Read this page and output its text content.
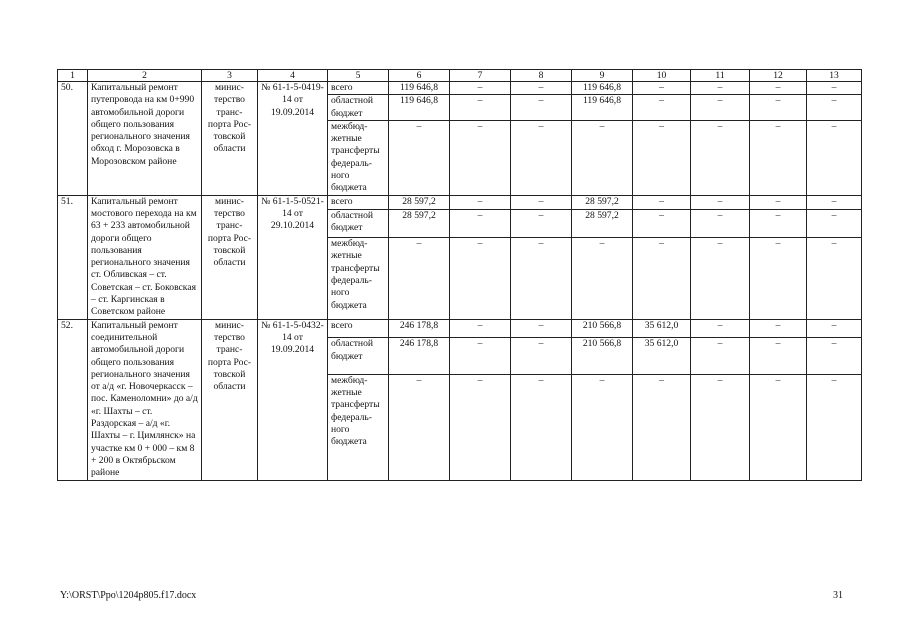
1	2	3	4	5	6	7	8	9	10	11	12	13
50.	Капитальный ремонт путепровода на км 0+990 автомобильной дороги общего пользования регионального значения обход г. Морозовска в Морозовском районе	минис-терство транс-порта Рос-товской области	№ 61-1-5-0419-14 от 19.09.2014	всего	119 646,8	–	–	119 646,8	–	–	–	–
				областной бюджет	119 646,8	–	–	119 646,8	–	–	–	–
				межбюд-жетные трансферты федераль-ного бюджета	–	–	–	–	–	–	–	–
51.	Капитальный ремонт мостового перехода на км 63 + 233 автомобильной дороги общего пользования регионального значения ст. Обливская – ст. Советская – ст. Боковская – ст. Каргинская в Советском районе	минис-терство транс-порта Рос-товской области	№ 61-1-5-0521-14 от 29.10.2014	всего	28 597,2	–	–	28 597,2	–	–	–	–
				областной бюджет	28 597,2	–	–	28 597,2	–	–	–	–
				межбюд-жетные трансферты федераль-ного бюджета	–	–	–	–	–	–	–	–
52.	Капитальный ремонт соединительной автомобильной дороги общего пользования регионального значения от а/д «г. Новочеркасск – пос. Каменоломни» до а/д «г. Шахты – ст. Раздорская – а/д «г. Шахты – г. Цимлянск» на участке км 0 + 000 – км 8 + 200 в Октябрьском районе	минис-терство транс-порта Рос-товской области	№ 61-1-5-0432-14 от 19.09.2014	всего	246 178,8	–	–	210 566,8	35 612,0	–	–	–
				областной бюджет	246 178,8	–	–	210 566,8	35 612,0	–	–	–
				межбюд-жетные трансферты федераль-ного бюджета	–	–	–	–	–	–	–	–
Y:\ORST\Ppo\1204p805.f17.docx	31
